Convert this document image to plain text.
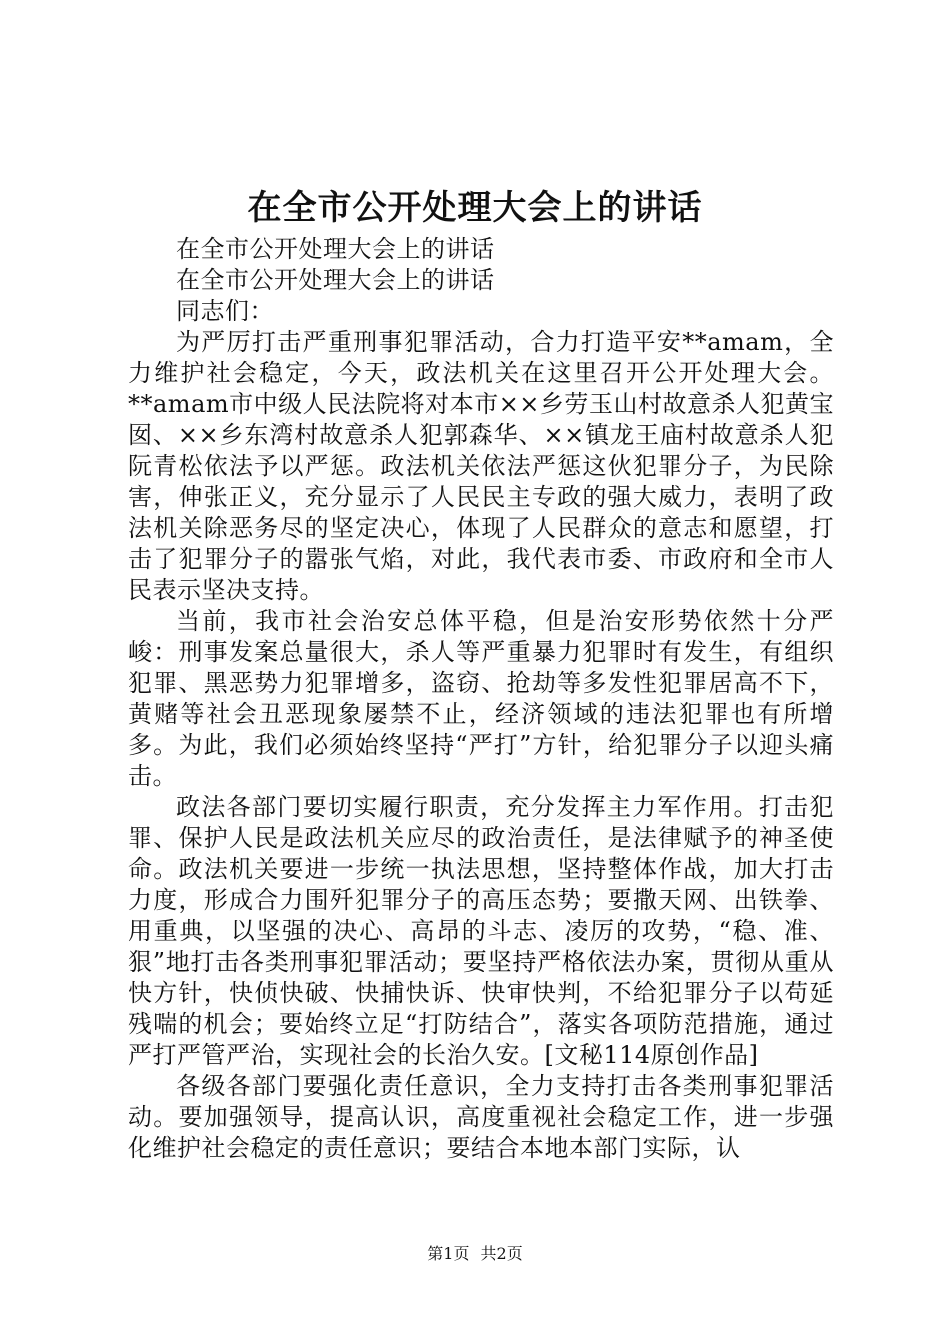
在全市公开处理大会上的讲话

在全市公开处理大会上的讲话

在全市公开处理大会上的讲话

同志们：

为严厉打击严重刑事犯罪活动，合力打造平安**amam，全力维护社会稳定，今天，政法机关在这里召开公开处理大会。**amam市中级人民法院将对本市××乡劳玉山村故意杀人犯黄宝囡、××乡东湾村故意杀人犯郭森华、××镇龙王庙村故意杀人犯阮青松依法予以严惩。政法机关依法严惩这伙犯罪分子，为民除害，伸张正义，充分显示了人民民主专政的强大威力，表明了政法机关除恶务尽的坚定决心，体现了人民群众的意志和愿望，打击了犯罪分子的嚣张气焰，对此，我代表市委、市政府和全市人民表示坚决支持。

当前，我市社会治安总体平稳，但是治安形势依然十分严峻：刑事发案总量很大，杀人等严重暴力犯罪时有发生，有组织犯罪、黑恶势力犯罪增多，盗窃、抢劫等多发性犯罪居高不下，黄赌等社会丑恶现象屡禁不止，经济领域的违法犯罪也有所增多。为此，我们必须始终坚持“严打”方针，给犯罪分子以迎头痛击。

政法各部门要切实履行职责，充分发挥主力军作用。打击犯罪、保护人民是政法机关应尽的政治责任，是法律赋予的神圣使命。政法机关要进一步统一执法思想，坚持整体作战，加大打击力度，形成合力围歼犯罪分子的高压态势；要撒天网、出铁拳、用重典，以坚强的决心、高昂的斗志、凌厉的攻势，“稳、准、狠”地打击各类刑事犯罪活动；要坚持严格依法办案，贯彻从重从快方针，快侦快破、快捕快诉、快审快判，不给犯罪分子以苟延残喘的机会；要始终立足“打防结合”，落实各项防范措施，通过严打严管严治，实现社会的长治久安。[文秘114原创作品]

各级各部门要强化责任意识，全力支持打击各类刑事犯罪活动。要加强领导，提高认识，高度重视社会稳定工作，进一步强化维护社会稳定的责任意识；要结合本地本部门实际，认

第1页 共2页
